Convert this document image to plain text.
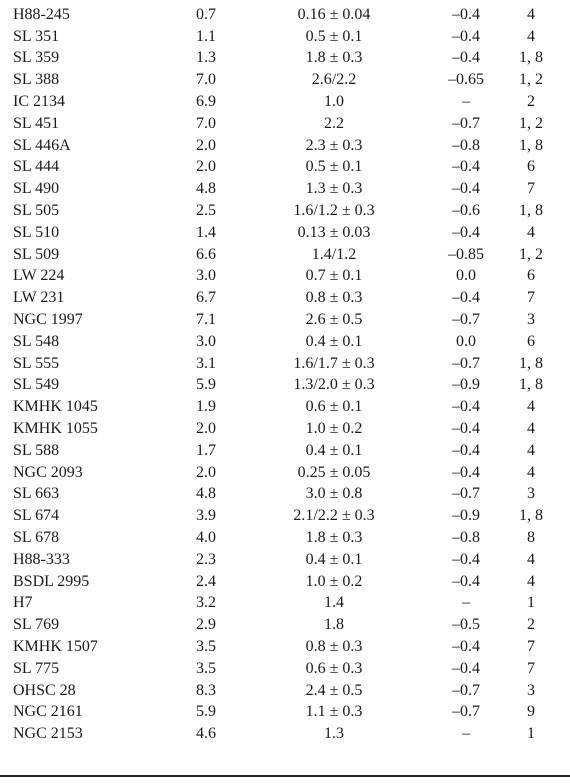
H88-245	0.7	0.16 ± 0.04	–0.4	4
SL 351	1.1	0.5 ± 0.1	–0.4	4
SL 359	1.3	1.8 ± 0.3	–0.4	1, 8
SL 388	7.0	2.6/2.2	–0.65	1, 2
IC 2134	6.9	1.0	–	2
SL 451	7.0	2.2	–0.7	1, 2
SL 446A	2.0	2.3 ± 0.3	–0.8	1, 8
SL 444	2.0	0.5 ± 0.1	–0.4	6
SL 490	4.8	1.3 ± 0.3	–0.4	7
SL 505	2.5	1.6/1.2 ± 0.3	–0.6	1, 8
SL 510	1.4	0.13 ± 0.03	–0.4	4
SL 509	6.6	1.4/1.2	–0.85	1, 2
LW 224	3.0	0.7 ± 0.1	0.0	6
LW 231	6.7	0.8 ± 0.3	–0.4	7
NGC 1997	7.1	2.6 ± 0.5	–0.7	3
SL 548	3.0	0.4 ± 0.1	0.0	6
SL 555	3.1	1.6/1.7 ± 0.3	–0.7	1, 8
SL 549	5.9	1.3/2.0 ± 0.3	–0.9	1, 8
KMHK 1045	1.9	0.6 ± 0.1	–0.4	4
KMHK 1055	2.0	1.0 ± 0.2	–0.4	4
SL 588	1.7	0.4 ± 0.1	–0.4	4
NGC 2093	2.0	0.25 ± 0.05	–0.4	4
SL 663	4.8	3.0 ± 0.8	–0.7	3
SL 674	3.9	2.1/2.2 ± 0.3	–0.9	1, 8
SL 678	4.0	1.8 ± 0.3	–0.8	8
H88-333	2.3	0.4 ± 0.1	–0.4	4
BSDL 2995	2.4	1.0 ± 0.2	–0.4	4
H7	3.2	1.4	–	1
SL 769	2.9	1.8	–0.5	2
KMHK 1507	3.5	0.8 ± 0.3	–0.4	7
SL 775	3.5	0.6 ± 0.3	–0.4	7
OHSC 28	8.3	2.4 ± 0.5	–0.7	3
NGC 2161	5.9	1.1 ± 0.3	–0.7	9
NGC 2153	4.6	1.3	–	1
